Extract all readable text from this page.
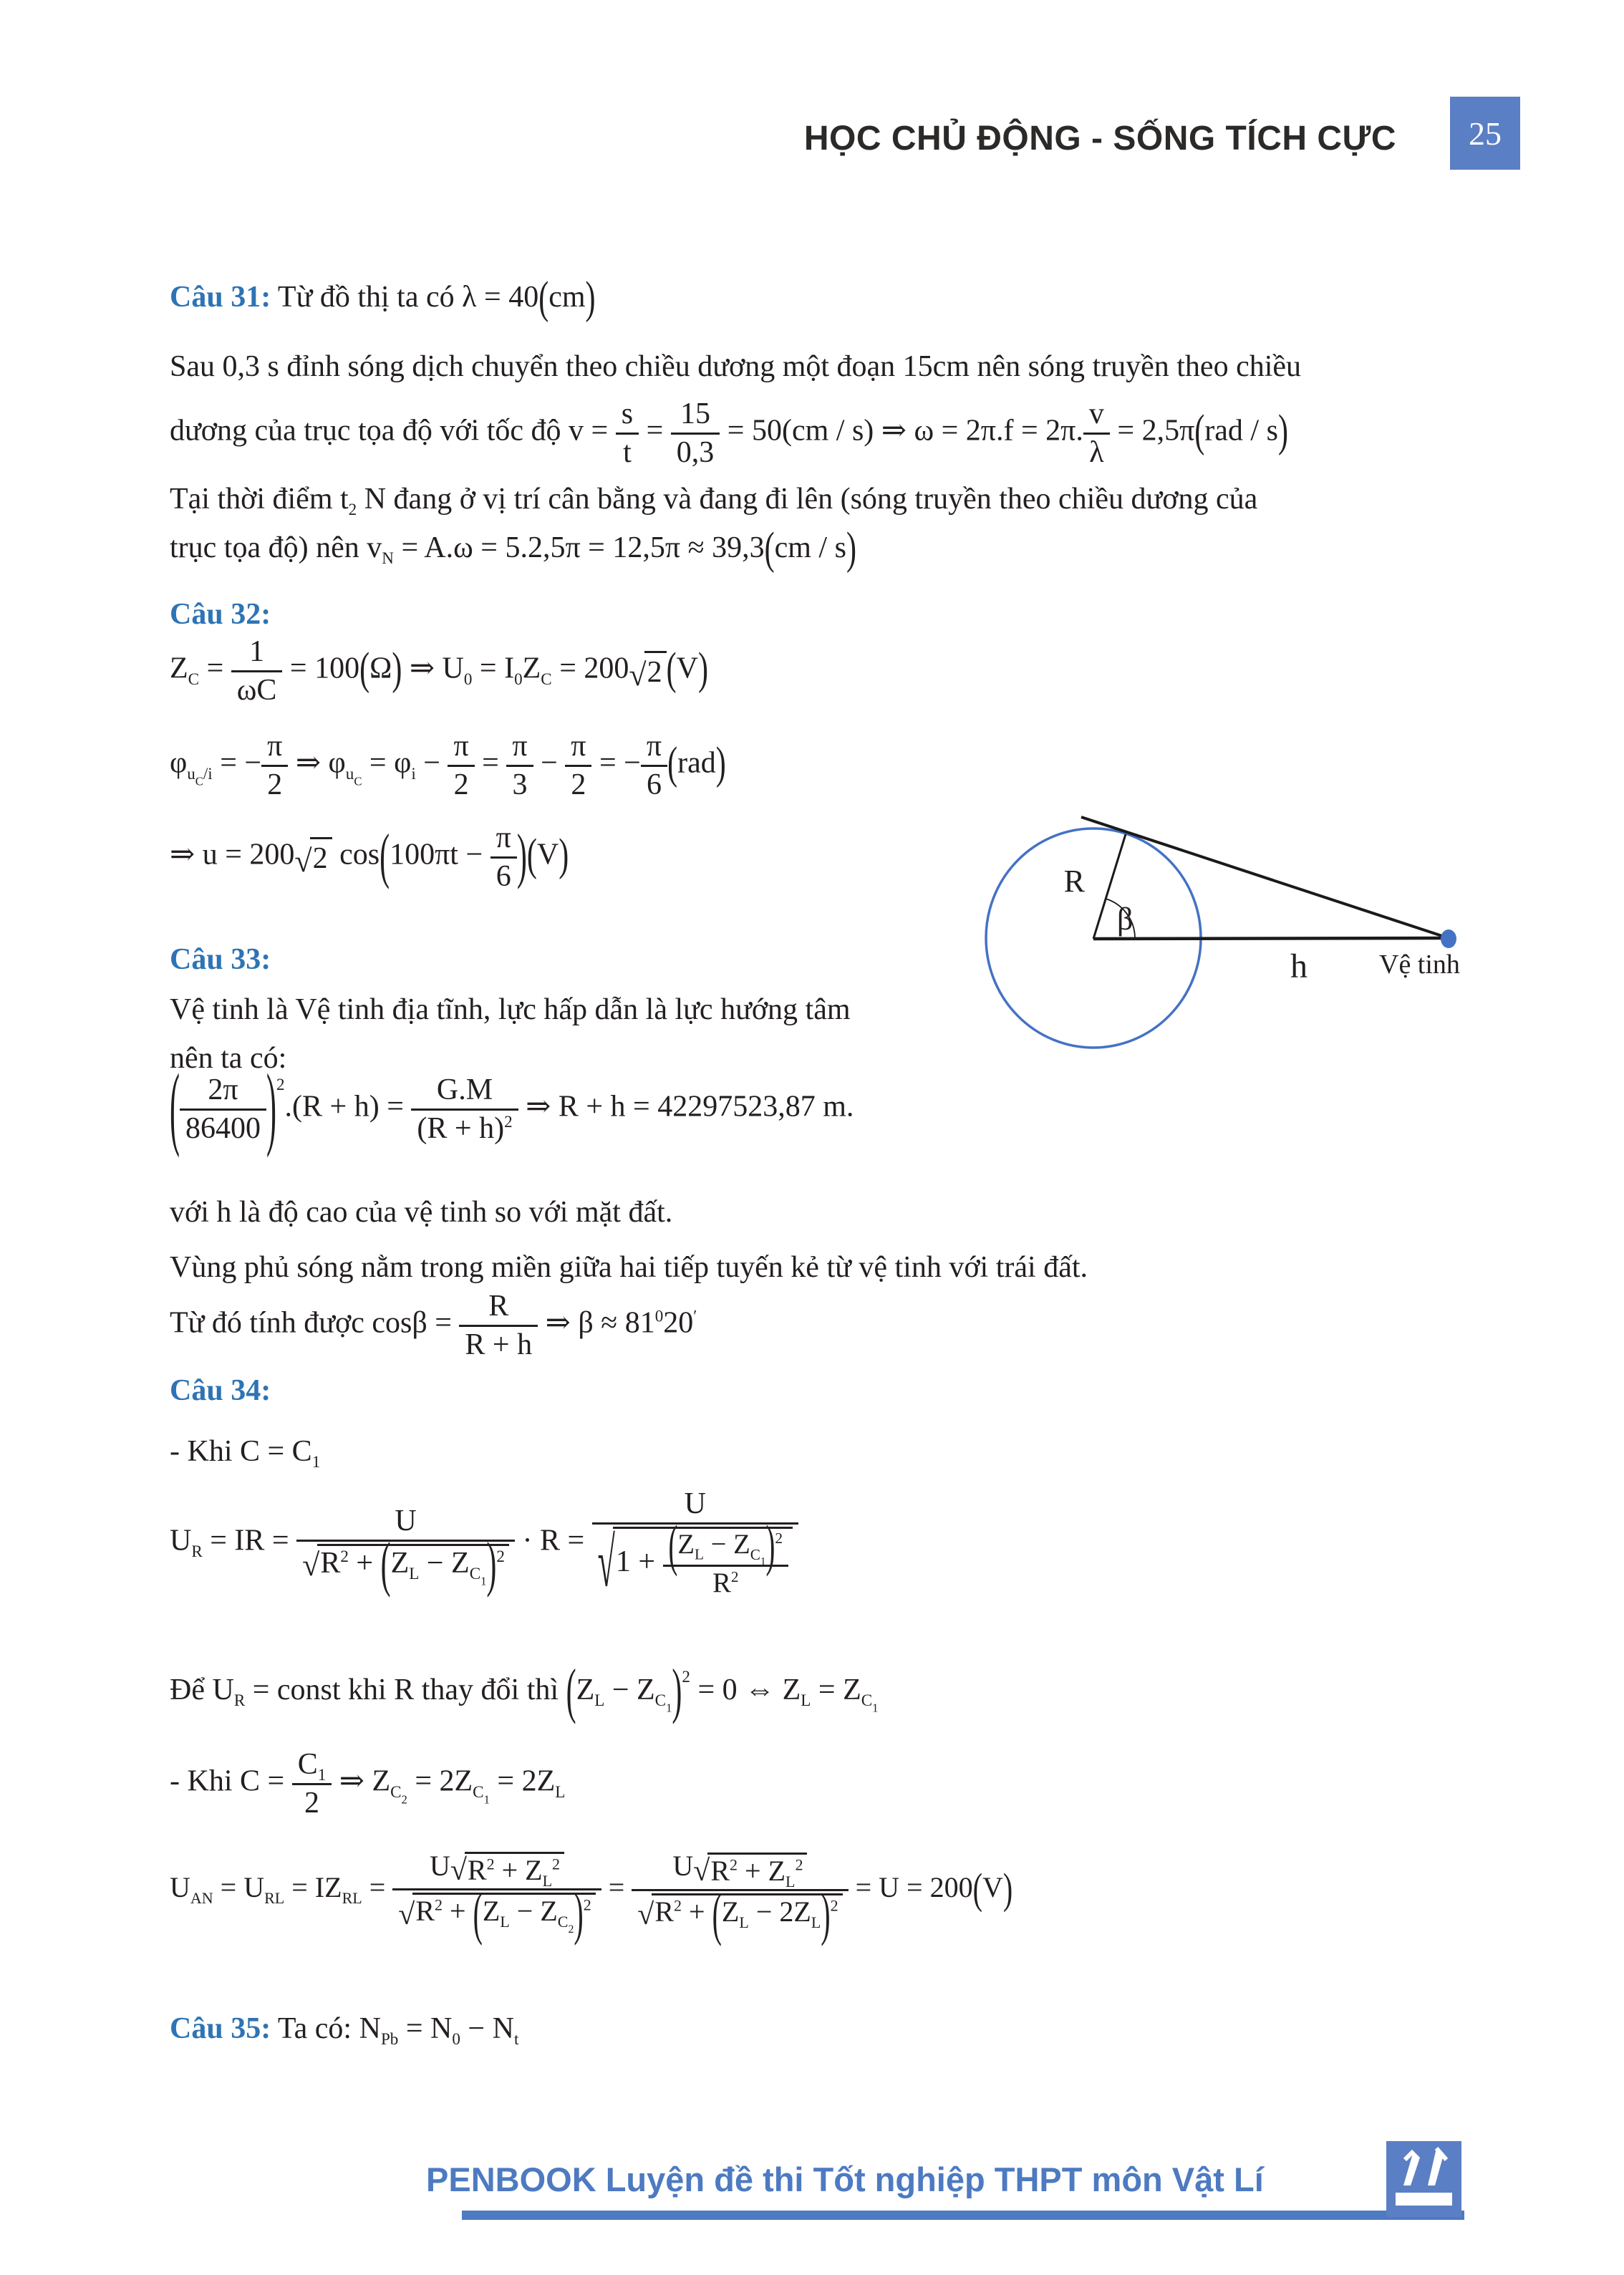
HỌC CHỦ ĐỘNG - SỐNG TÍCH CỰC 25
Câu 31: Từ đồ thị ta có λ = 40(cm)
Sau 0,3 s đỉnh sóng dịch chuyển theo chiều dương một đoạn 15cm nên sóng truyền theo chiều
dương của trục tọa độ với tốc độ $v = \frac{s}{t} = \frac{15}{0,3} = 50(cm / s)$ ⇒ ω = 2π.f = 2π. $\frac{v}{\lambda} = 2,5\pi(rad / s)$
Tại thời điểm $t_2$ N đang ở vị trí cân bằng và đang đi lên (sóng truyền theo chiều dương của
trục tọa độ) nên $v_N = A.\omega = 5.2,5\pi = 12,5\pi \approx 39,3(cm / s)$
Câu 32:
$Z_C = \frac{1}{\omega C} = 100(\Omega)$ ⇒ $U_0 = I_0Z_C = 200$ √ 2 (V)
$\varphi_{u_C/i}$ = − $\frac{\pi}{2}$ ⇒ $\varphi_{u_C} = \varphi_i - \frac{\pi}{2} = \frac{\pi}{3} - \frac{\pi}{2}$ = − $\frac{\pi}{6} (rad)$
⇒ u = 200 √ 2 $\cos(100\pi t - \frac{\pi}{6} )(V)$
Câu 33:
Vệ tinh là Vệ tinh địa tĩnh, lực hấp dẫn là lực hướng tâm
nên ta có:
( $\frac{2\pi}{86400} )^2.(R + h) = \frac{G.M}{(R + h)^2}$ ⇒ R + h = 42297523,87 m.
với h là độ cao của vệ tinh so với mặt đất.
Vùng phủ sóng nằm trong miền giữa hai tiếp tuyến kẻ từ vệ tinh với trái đất.
Từ đó tính được $\cos\beta = \frac{R}{R + h}$ ⇒ $\beta \approx 81^020'$
R
β
h	Vệ tinh
Câu 34:
- Khi $C = C_1$
$U_R$ = IR = $\frac{U}{√ R^2 + (Z_L - Z_{C_1})^2} \cdot R = \frac{U}{√ 1 + \frac{(Z_L - Z_{C_1})^2}{R^2}}$
Để $U_R$ = const khi R thay đổi thì $(Z_L - Z_{C_1})^2 = 0$ ⇔ $Z_L = Z_{C_1}$
- Khi $C = \frac{C_1}{2}$ ⇒ $Z_{C_2} = 2Z_{C_1} = 2Z_L$
$U_{AN} = U_{RL} = IZ_{RL} = \frac{U √ R^2 + Z_L^2}{√ R^2 + (Z_L - Z_{C_2})^2} = \frac{U √ R^2 + Z_L^2}{√ R^2 + (Z_L - 2Z_L)^2} = U = 200(V)$
Câu 35: Ta có: $N_{Pb} = N_0 - N_t$
PENBOOK Luyện đề thi Tốt nghiệp THPT môn Vật Lí
